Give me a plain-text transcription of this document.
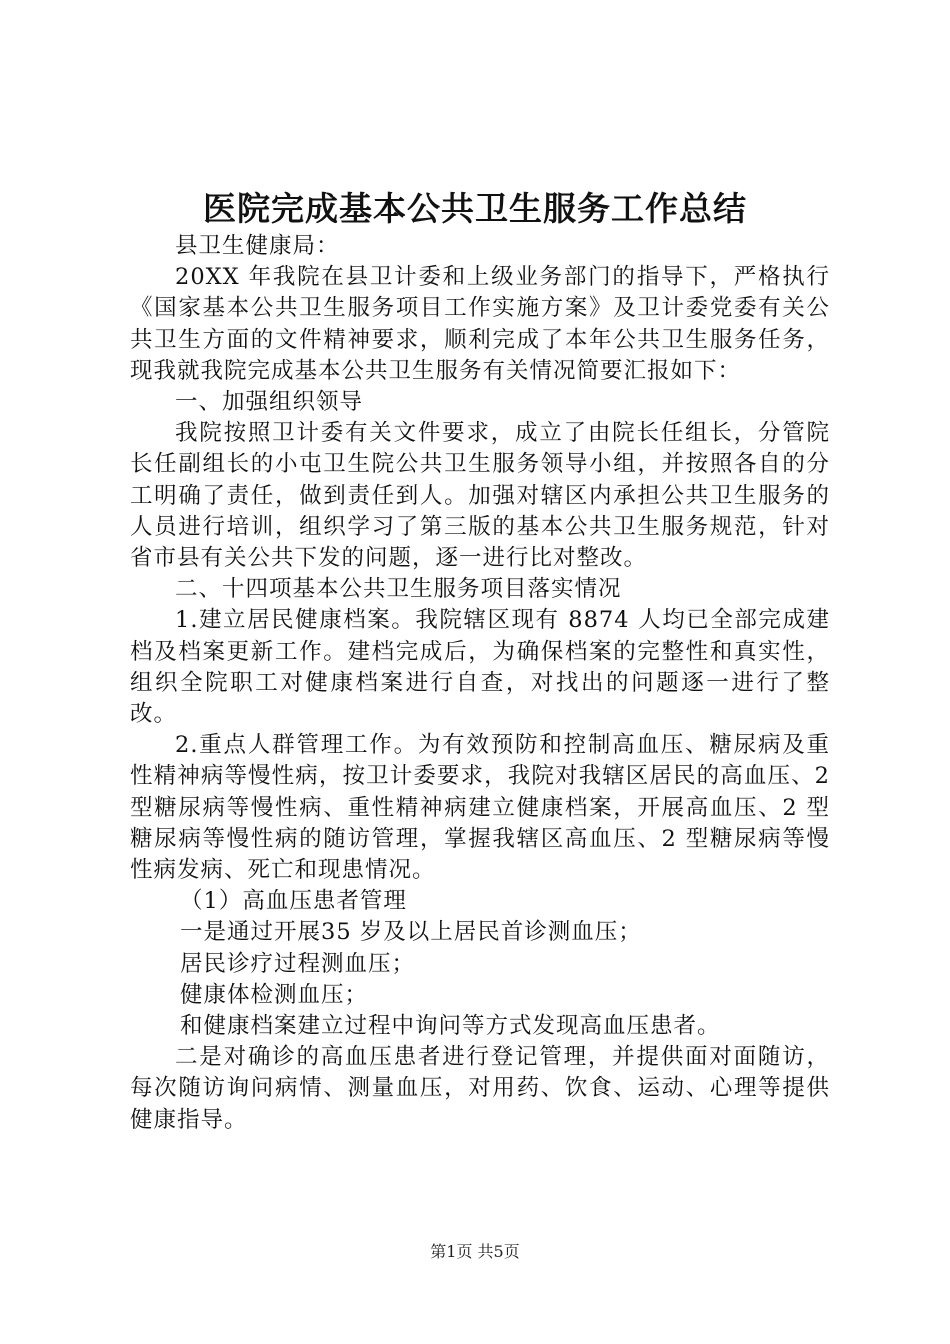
医院完成基本公共卫生服务工作总结

县卫生健康局：

20XX 年我院在县卫计委和上级业务部门的指导下，严格执行《国家基本公共卫生服务项目工作实施方案》及卫计委党委有关公共卫生方面的文件精神要求，顺利完成了本年公共卫生服务任务，现我就我院完成基本公共卫生服务有关情况简要汇报如下：

一、加强组织领导

我院按照卫计委有关文件要求，成立了由院长任组长，分管院长任副组长的小屯卫生院公共卫生服务领导小组，并按照各自的分工明确了责任，做到责任到人。加强对辖区内承担公共卫生服务的人员进行培训，组织学习了第三版的基本公共卫生服务规范，针对省市县有关公共下发的问题，逐一进行比对整改。

二、十四项基本公共卫生服务项目落实情况

1.建立居民健康档案。我院辖区现有 8874 人均已全部完成建档及档案更新工作。建档完成后，为确保档案的完整性和真实性，组织全院职工对健康档案进行自查，对找出的问题逐一进行了整改。

2.重点人群管理工作。为有效预防和控制高血压、糖尿病及重性精神病等慢性病，按卫计委要求，我院对我辖区居民的高血压、2 型糖尿病等慢性病、重性精神病建立健康档案，开展高血压、2 型糖尿病等慢性病的随访管理，掌握我辖区高血压、2 型糖尿病等慢性病发病、死亡和现患情况。

（1）高血压患者管理

一是通过开展35 岁及以上居民首诊测血压；

居民诊疗过程测血压；

健康体检测血压；

和健康档案建立过程中询问等方式发现高血压患者。

二是对确诊的高血压患者进行登记管理，并提供面对面随访，每次随访询问病情、测量血压，对用药、饮食、运动、心理等提供健康指导。

第1页 共5页
